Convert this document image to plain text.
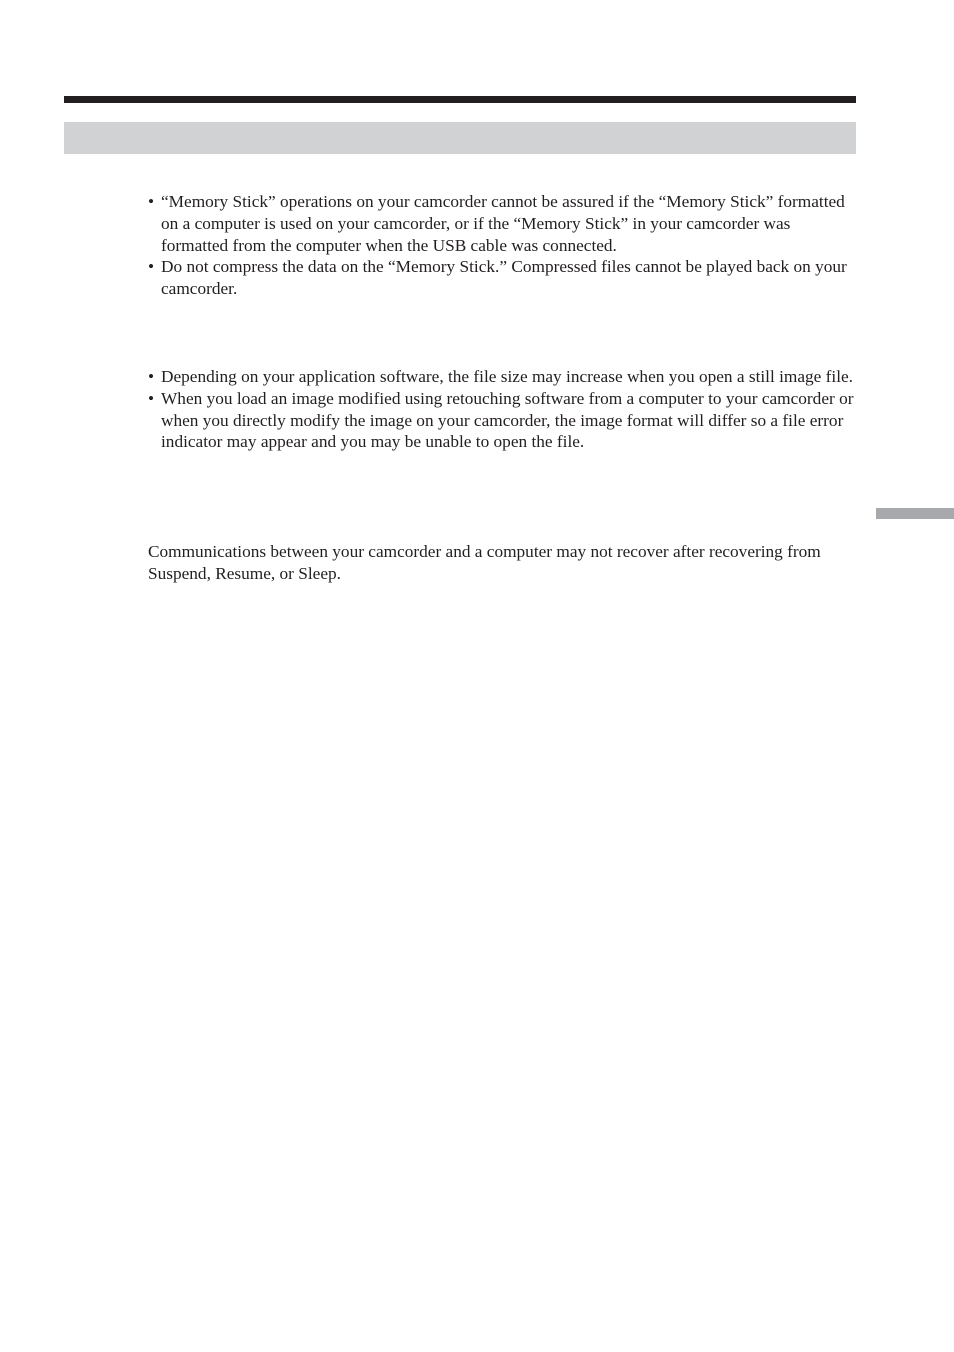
• “Memory Stick” operations on your camcorder cannot be assured if the “Memory Stick” formatted on a computer is used on your camcorder, or if the “Memory Stick” in your camcorder was formatted from the computer when the USB cable was connected.
• Do not compress the data on the “Memory Stick.” Compressed files cannot be played back on your camcorder.
• Depending on your application software, the file size may increase when you open a still image file.
• When you load an image modified using retouching software from a computer to your camcorder or when you directly modify the image on your camcorder, the image format will differ so a file error indicator may appear and you may be unable to open the file.

Communications between your camcorder and a computer may not recover after recovering from Suspend, Resume, or Sleep.
